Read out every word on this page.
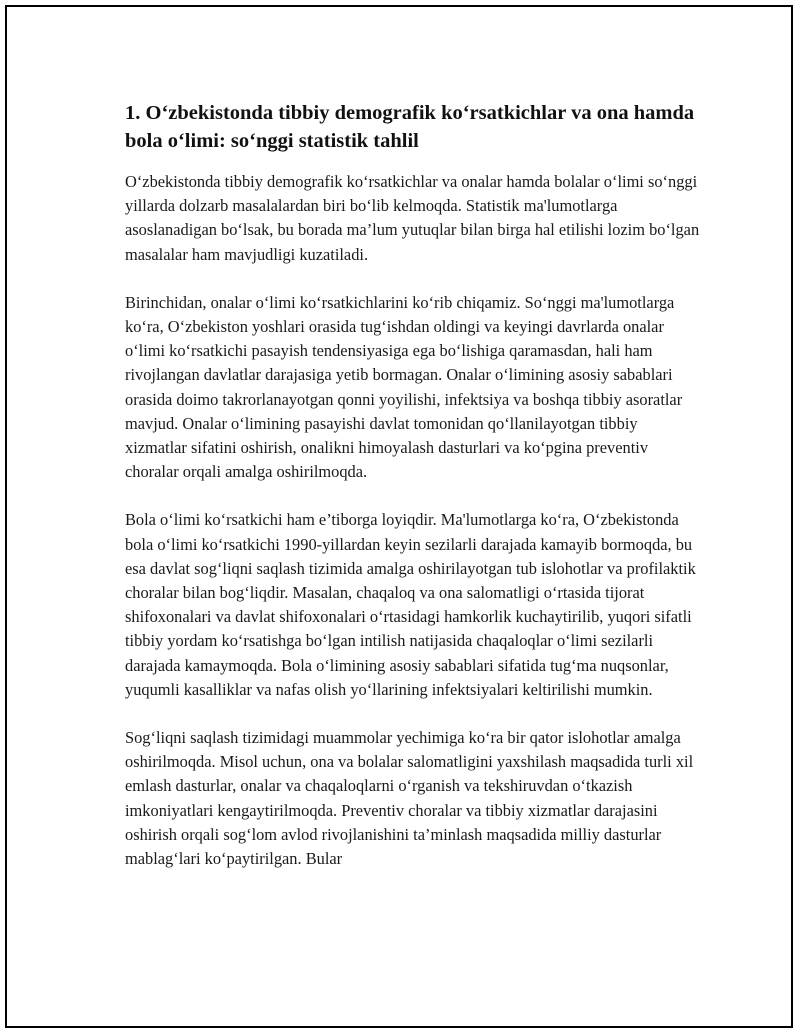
1. O‘zbekistonda tibbiy demografik ko‘rsatkichlar va ona hamda bola o‘limi: so‘nggi statistik tahlil

O‘zbekistonda tibbiy demografik ko‘rsatkichlar va onalar hamda bolalar o‘limi so‘nggi yillarda dolzarb masalalardan biri bo‘lib kelmoqda. Statistik ma'lumotlarga asoslanadigan bo‘lsak, bu borada ma’lum yutuqlar bilan birga hal etilishi lozim bo‘lgan masalalar ham mavjudligi kuzatiladi.

Birinchidan, onalar o‘limi ko‘rsatkichlarini ko‘rib chiqamiz. So‘nggi ma'lumotlarga ko‘ra, O‘zbekiston yoshlari orasida tug‘ishdan oldingi va keyingi davrlarda onalar o‘limi ko‘rsatkichi pasayish tendensiyasiga ega bo‘lishiga qaramasdan, hali ham rivojlangan davlatlar darajasiga yetib bormagan. Onalar o‘limining asosiy sabablari orasida doimo takrorlanayotgan qonni yoyilishi, infektsiya va boshqa tibbiy asoratlar mavjud. Onalar o‘limining pasayishi davlat tomonidan qo‘llanilayotgan tibbiy xizmatlar sifatini oshirish, onalikni himoyalash dasturlari va ko‘pgina preventiv choralar orqali amalga oshirilmoqda.

Bola o‘limi ko‘rsatkichi ham e’tiborga loyiqdir. Ma'lumotlarga ko‘ra, O‘zbekistonda bola o‘limi ko‘rsatkichi 1990-yillardan keyin sezilarli darajada kamayib bormoqda, bu esa davlat sog‘liqni saqlash tizimida amalga oshirilayotgan tub islohotlar va profilaktik choralar bilan bog‘liqdir. Masalan, chaqaloq va ona salomatligi o‘rtasida tijorat shifoxonalari va davlat shifoxonalari o‘rtasidagi hamkorlik kuchaytirilib, yuqori sifatli tibbiy yordam ko‘rsatishga bo‘lgan intilish natijasida chaqaloqlar o‘limi sezilarli darajada kamaymoqda. Bola o‘limining asosiy sabablari sifatida tug‘ma nuqsonlar, yuqumli kasalliklar va nafas olish yo‘llarining infektsiyalari keltirilishi mumkin.

Sog‘liqni saqlash tizimidagi muammolar yechimiga ko‘ra bir qator islohotlar amalga oshirilmoqda. Misol uchun, ona va bolalar salomatligini yaxshilash maqsadida turli xil emlash dasturlar, onalar va chaqaloqlarni o‘rganish va tekshiruvdan o‘tkazish imkoniyatlari kengaytirilmoqda. Preventiv choralar va tibbiy xizmatlar darajasini oshirish orqali sog‘lom avlod rivojlanishini ta’minlash maqsadida milliy dasturlar mablag‘lari ko‘paytirilgan. Bular
